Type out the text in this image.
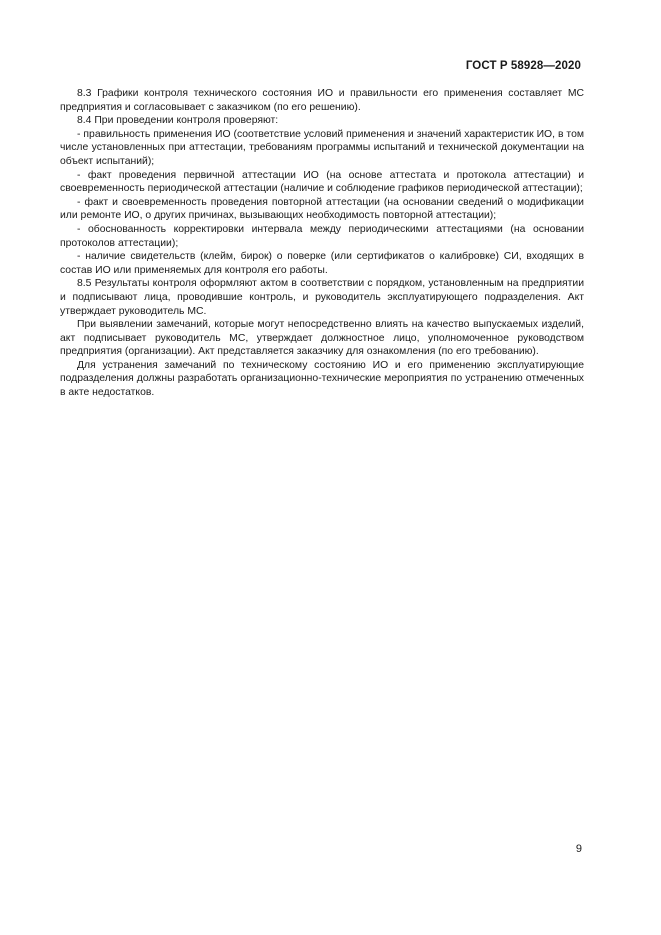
ГОСТ Р 58928—2020

8.3 Графики контроля технического состояния ИО и правильности его применения составляет МС предприятия и согласовывает с заказчиком (по его решению).

8.4 При проведении контроля проверяют:

- правильность применения ИО (соответствие условий применения и значений характеристик ИО, в том числе установленных при аттестации, требованиям программы испытаний и технической документации на объект испытаний);

- факт проведения первичной аттестации ИО (на основе аттестата и протокола аттестации) и своевременность периодической аттестации (наличие и соблюдение графиков периодической аттестации);

- факт и своевременность проведения повторной аттестации (на основании сведений о модификации или ремонте ИО, о других причинах, вызывающих необходимость повторной аттестации);

- обоснованность корректировки интервала между периодическими аттестациями (на основании протоколов аттестации);

- наличие свидетельств (клейм, бирок) о поверке (или сертификатов о калибровке) СИ, входящих в состав ИО или применяемых для контроля его работы.

8.5 Результаты контроля оформляют актом в соответствии с порядком, установленным на предприятии и подписывают лица, проводившие контроль, и руководитель эксплуатирующего подразделения. Акт утверждает руководитель МС.

При выявлении замечаний, которые могут непосредственно влиять на качество выпускаемых изделий, акт подписывает руководитель МС, утверждает должностное лицо, уполномоченное руководством предприятия (организации). Акт представляется заказчику для ознакомления (по его требованию).

Для устранения замечаний по техническому состоянию ИО и его применению эксплуатирующие подразделения должны разработать организационно-технические мероприятия по устранению отмеченных в акте недостатков.

9
